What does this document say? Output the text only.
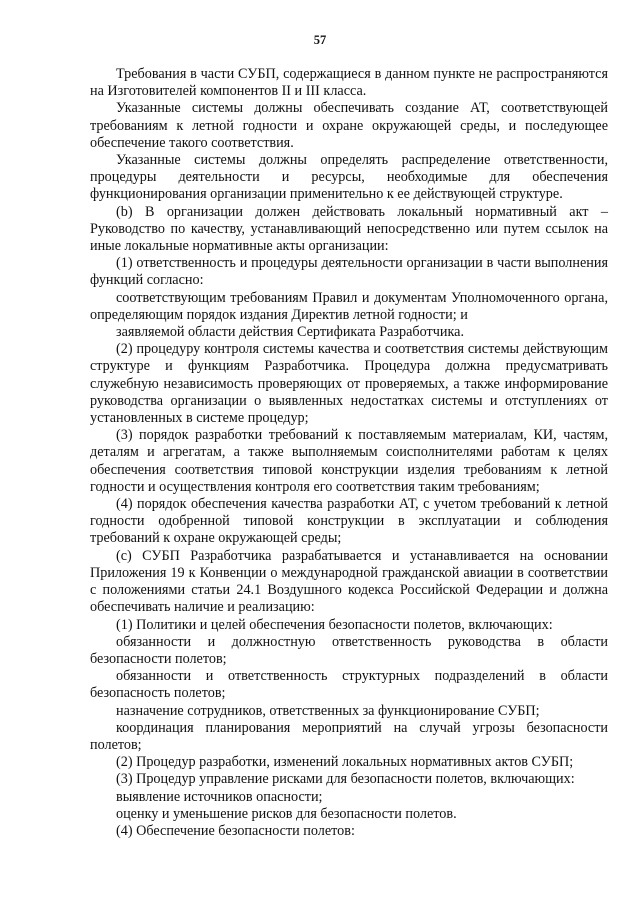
57

Требования в части СУБП, содержащиеся в данном пункте не распространяются на Изготовителей компонентов II и III класса.

Указанные системы должны обеспечивать создание АТ, соответствующей требованиям к летной годности и охране окружающей среды, и последующее обеспечение такого соответствия.

Указанные системы должны определять распределение ответственности, процедуры деятельности и ресурсы, необходимые для обеспечения функционирования организации применительно к ее действующей структуре.

(b) В организации должен действовать локальный нормативный акт – Руководство по качеству, устанавливающий непосредственно или путем ссылок на иные локальные нормативные акты организации:

(1) ответственность и процедуры деятельности организации в части выполнения функций согласно:

соответствующим требованиям Правил и документам Уполномоченного органа, определяющим порядок издания Директив летной годности; и

заявляемой области действия Сертификата Разработчика.

(2) процедуру контроля системы качества и соответствия системы действующим структуре и функциям Разработчика. Процедура должна предусматривать служебную независимость проверяющих от проверяемых, а также информирование руководства организации о выявленных недостатках системы и отступлениях от установленных в системе процедур;

(3) порядок разработки требований к поставляемым материалам, КИ, частям, деталям и агрегатам, а также выполняемым соисполнителями работам к целях обеспечения соответствия типовой конструкции изделия требованиям к летной годности и осуществления контроля его соответствия таким требованиям;

(4) порядок обеспечения качества разработки АТ, с учетом требований к летной годности одобренной типовой конструкции в эксплуатации и соблюдения требований к охране окружающей среды;

(с) СУБП Разработчика разрабатывается и устанавливается на основании Приложения 19 к Конвенции о международной гражданской авиации в соответствии с положениями статьи 24.1 Воздушного кодекса Российской Федерации и должна обеспечивать наличие и реализацию:

(1) Политики и целей обеспечения безопасности полетов, включающих:

обязанности и должностную ответственность руководства в области безопасности полетов;

обязанности и ответственность структурных подразделений в области безопасность полетов;

назначение сотрудников, ответственных за функционирование СУБП;

координация планирования мероприятий на случай угрозы безопасности полетов;

(2) Процедур разработки, изменений локальных нормативных актов СУБП;

(3) Процедур управление рисками для безопасности полетов, включающих:

выявление источников опасности;

оценку и уменьшение рисков для безопасности полетов.

(4) Обеспечение безопасности полетов:
